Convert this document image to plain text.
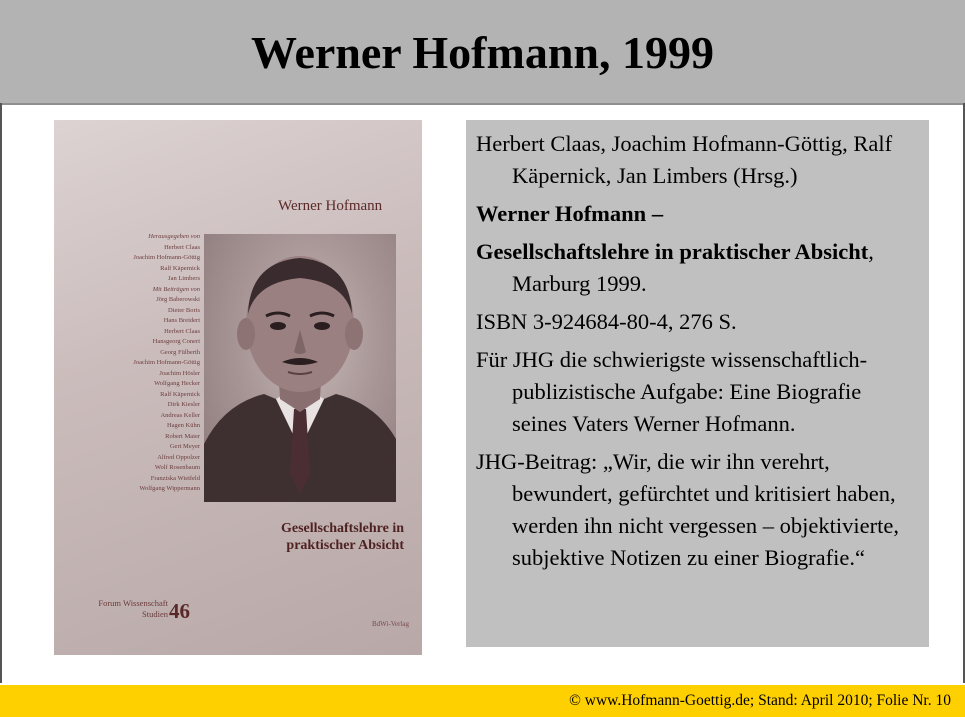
Werner Hofmann, 1999
Werner Hofmann
Herausgegeben von
Herbert Claas
Joachim Hofmann-Göttig
Ralf Käpernick
Jan Limbers
Mit Beiträgen von
Jörg Baberowski
Dieter Boris
Hans Breidert
Herbert Claas
Hansgeorg Conert
Georg Fülberth
Joachim Hofmann-Göttig
Joachim Hösler
Wolfgang Hecker
Ralf Käpernick
Dirk Kiesler
Andreas Keller
Hagen Kühn
Robert Maier
Gert Meyer
Alfred Oppolzer
Wolf Rosenbaum
Franziska Wietfeld
Wolfgang Wippermann
Gesellschaftslehre in
praktischer Absicht
Forum Wissenschaft
Studien 46
BdWi-Verlag

Herbert Claas, Joachim Hofmann-Göttig, Ralf Käpernick, Jan Limbers (Hrsg.)

Werner Hofmann –

Gesellschaftslehre in praktischer Absicht, Marburg 1999.

ISBN 3-924684-80-4, 276 S.

Für JHG die schwierigste wissenschaftlich-publizistische Aufgabe: Eine Biografie seines Vaters Werner Hofmann.

JHG-Beitrag: „Wir, die wir ihn verehrt, bewundert, gefürchtet und kritisiert haben, werden ihn nicht vergessen – objektivierte, subjektive Notizen zu einer Biografie.“

© www.Hofmann-Goettig.de; Stand: April 2010; Folie Nr. 10
